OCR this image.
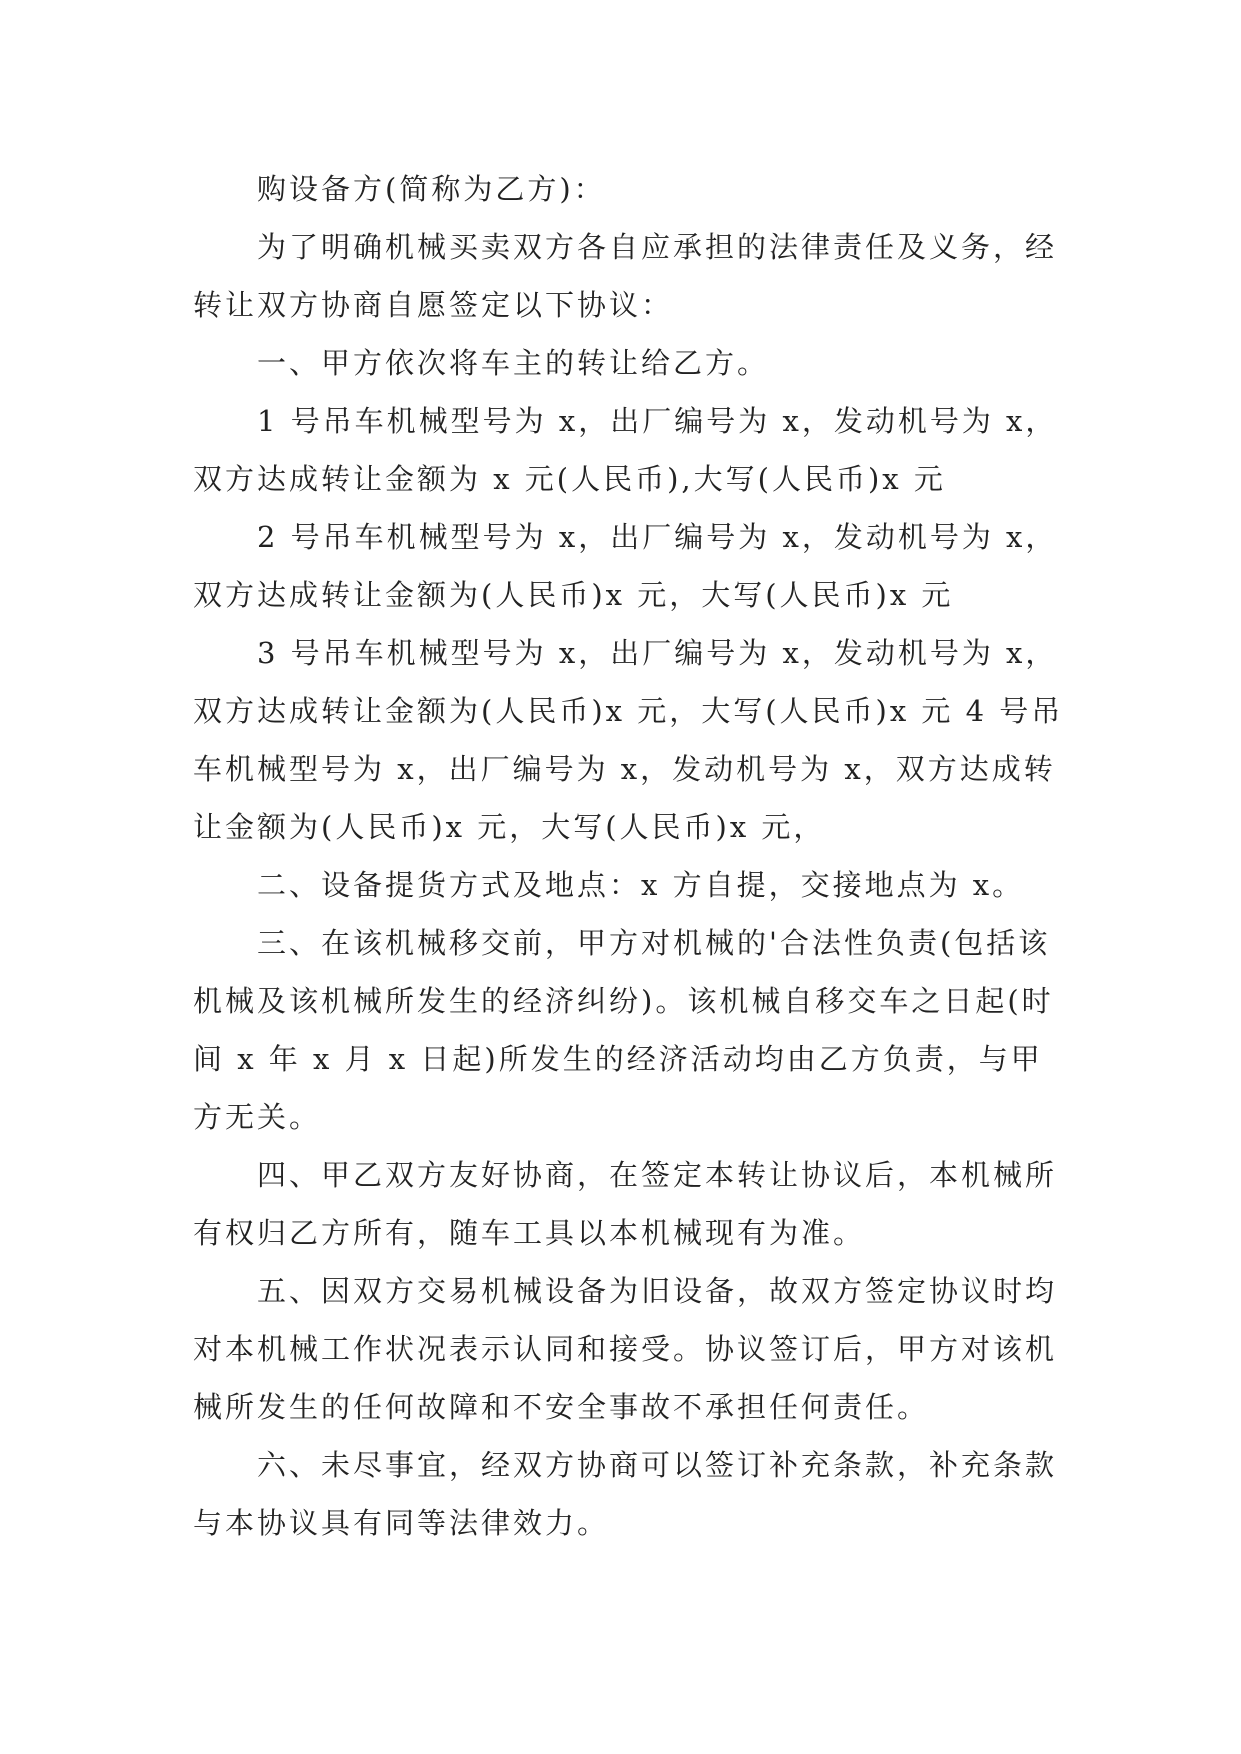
购设备方(简称为乙方)：

为了明确机械买卖双方各自应承担的法律责任及义务，经转让双方协商自愿签定以下协议：

一、甲方依次将车主的转让给乙方。

1 号吊车机械型号为 x，出厂编号为 x，发动机号为 x，双方达成转让金额为 x 元(人民币),大写(人民币)x 元

2 号吊车机械型号为 x，出厂编号为 x，发动机号为 x，双方达成转让金额为(人民币)x 元，大写(人民币)x 元

3 号吊车机械型号为 x，出厂编号为 x，发动机号为 x，双方达成转让金额为(人民币)x 元，大写(人民币)x 元 4 号吊车机械型号为 x，出厂编号为 x，发动机号为 x，双方达成转让金额为(人民币)x 元，大写(人民币)x 元，

二、设备提货方式及地点：x 方自提，交接地点为 x。

三、在该机械移交前，甲方对机械的'合法性负责(包括该机械及该机械所发生的经济纠纷)。该机械自移交车之日起(时间 x 年 x 月 x 日起)所发生的经济活动均由乙方负责，与甲方无关。

四、甲乙双方友好协商，在签定本转让协议后，本机械所有权归乙方所有，随车工具以本机械现有为准。

五、因双方交易机械设备为旧设备，故双方签定协议时均对本机械工作状况表示认同和接受。协议签订后，甲方对该机械所发生的任何故障和不安全事故不承担任何责任。

六、未尽事宜，经双方协商可以签订补充条款，补充条款与本协议具有同等法律效力。
